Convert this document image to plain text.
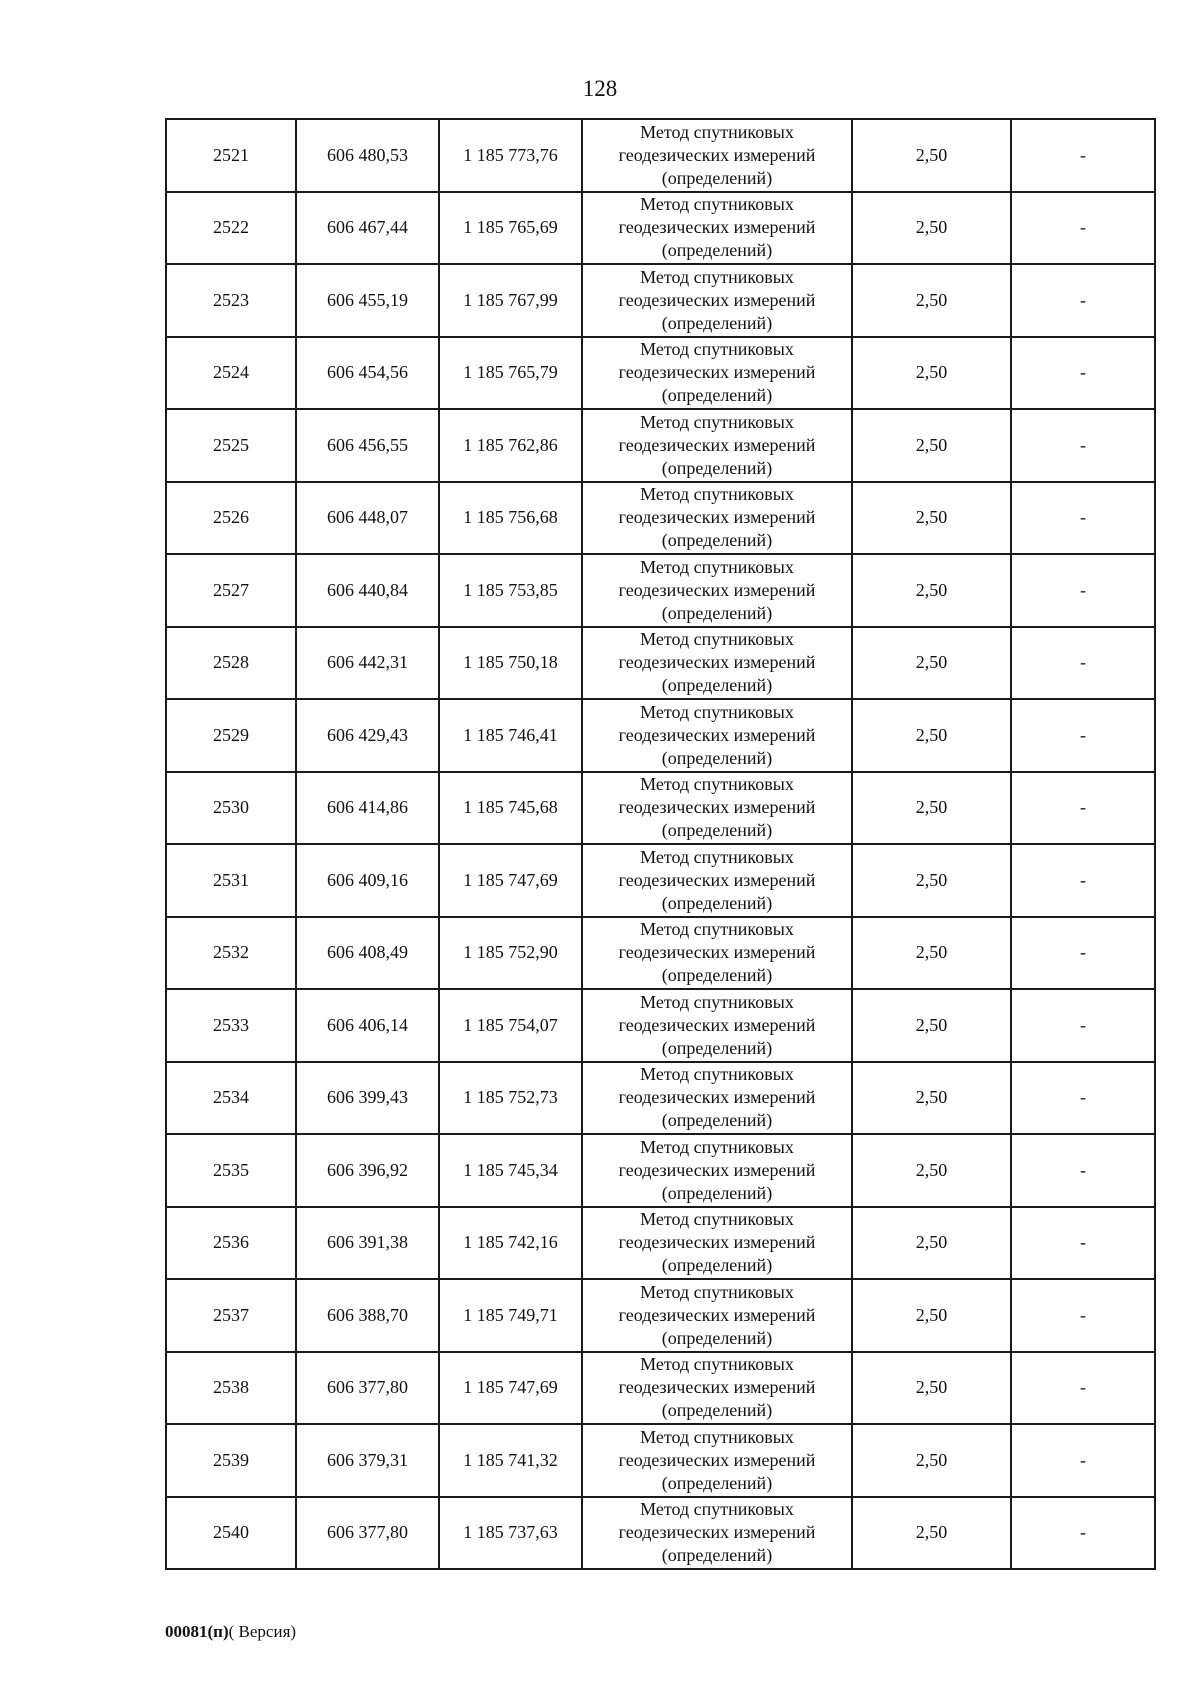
128
2521	606 480,53	1 185 773,76	Метод спутниковых
геодезических измерений
(определений)	2,50	-
2522	606 467,44	1 185 765,69	Метод спутниковых
геодезических измерений
(определений)	2,50	-
2523	606 455,19	1 185 767,99	Метод спутниковых
геодезических измерений
(определений)	2,50	-
2524	606 454,56	1 185 765,79	Метод спутниковых
геодезических измерений
(определений)	2,50	-
2525	606 456,55	1 185 762,86	Метод спутниковых
геодезических измерений
(определений)	2,50	-
2526	606 448,07	1 185 756,68	Метод спутниковых
геодезических измерений
(определений)	2,50	-
2527	606 440,84	1 185 753,85	Метод спутниковых
геодезических измерений
(определений)	2,50	-
2528	606 442,31	1 185 750,18	Метод спутниковых
геодезических измерений
(определений)	2,50	-
2529	606 429,43	1 185 746,41	Метод спутниковых
геодезических измерений
(определений)	2,50	-
2530	606 414,86	1 185 745,68	Метод спутниковых
геодезических измерений
(определений)	2,50	-
2531	606 409,16	1 185 747,69	Метод спутниковых
геодезических измерений
(определений)	2,50	-
2532	606 408,49	1 185 752,90	Метод спутниковых
геодезических измерений
(определений)	2,50	-
2533	606 406,14	1 185 754,07	Метод спутниковых
геодезических измерений
(определений)	2,50	-
2534	606 399,43	1 185 752,73	Метод спутниковых
геодезических измерений
(определений)	2,50	-
2535	606 396,92	1 185 745,34	Метод спутниковых
геодезических измерений
(определений)	2,50	-
2536	606 391,38	1 185 742,16	Метод спутниковых
геодезических измерений
(определений)	2,50	-
2537	606 388,70	1 185 749,71	Метод спутниковых
геодезических измерений
(определений)	2,50	-
2538	606 377,80	1 185 747,69	Метод спутниковых
геодезических измерений
(определений)	2,50	-
2539	606 379,31	1 185 741,32	Метод спутниковых
геодезических измерений
(определений)	2,50	-
2540	606 377,80	1 185 737,63	Метод спутниковых
геодезических измерений
(определений)	2,50	-
00081(п)( Версия)
